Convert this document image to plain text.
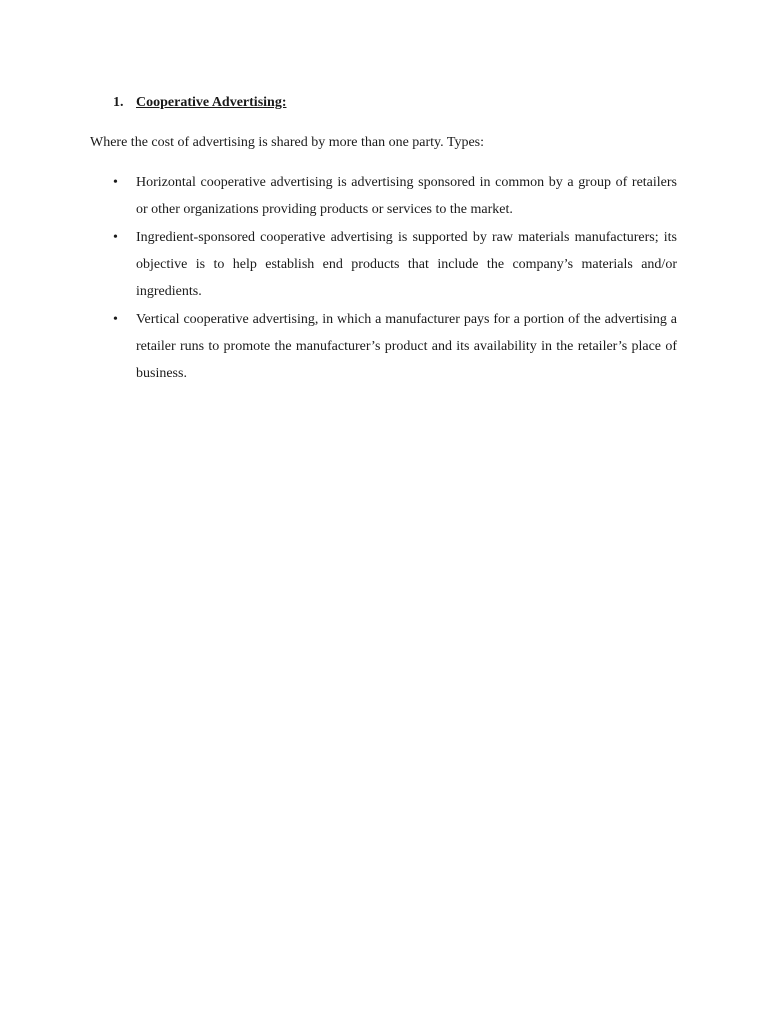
1. Cooperative Advertising:
Where the cost of advertising is shared by more than one party. Types:
• Horizontal cooperative advertising is advertising sponsored in common by a group of retailers or other organizations providing products or services to the market.

• Ingredient-sponsored cooperative advertising is supported by raw materials manufacturers; its objective is to help establish end products that include the company’s materials and/or ingredients.

• Vertical cooperative advertising, in which a manufacturer pays for a portion of the advertising a retailer runs to promote the manufacturer’s product and its availability in the retailer’s place of business.
